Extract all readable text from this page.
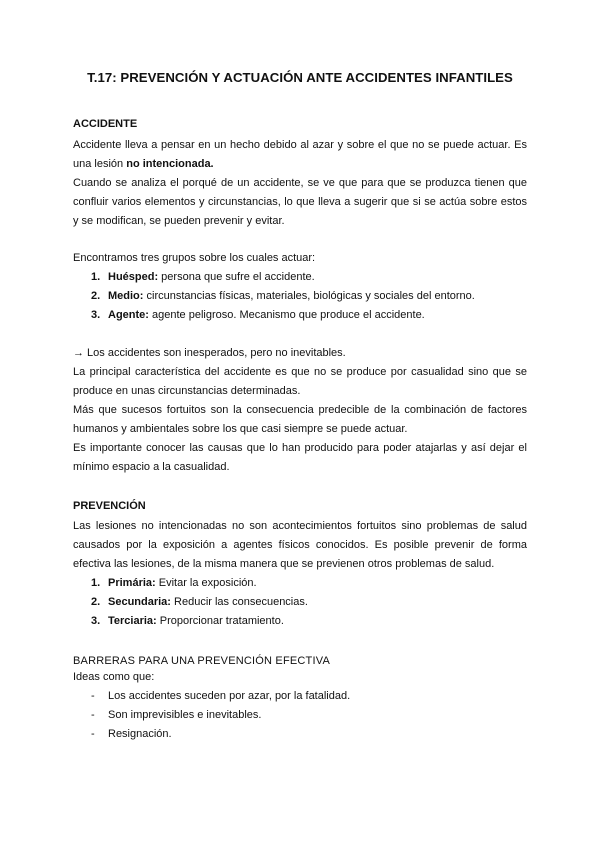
T.17: PREVENCIÓN Y ACTUACIÓN ANTE ACCIDENTES INFANTILES
ACCIDENTE

Accidente lleva a pensar en un hecho debido al azar y sobre el que no se puede actuar. Es una lesión no intencionada.

Cuando se analiza el porqué de un accidente, se ve que para que se produzca tienen que confluir varios elementos y circunstancias, lo que lleva a sugerir que si se actúa sobre estos y se modifican, se pueden prevenir y evitar.

Encontramos tres grupos sobre los cuales actuar:
1. Huésped: persona que sufre el accidente.
2. Medio: circunstancias físicas, materiales, biológicas y sociales del entorno.
3. Agente: agente peligroso. Mecanismo que produce el accidente.

→ Los accidentes son inesperados, pero no inevitables.

La principal característica del accidente es que no se produce por casualidad sino que se produce en unas circunstancias determinadas.

Más que sucesos fortuitos son la consecuencia predecible de la combinación de factores humanos y ambientales sobre los que casi siempre se puede actuar.

Es importante conocer las causas que lo han producido para poder atajarlas y así dejar el mínimo espacio a la casualidad.

PREVENCIÓN
Las lesiones no intencionadas no son acontecimientos fortuitos sino problemas de salud causados por la exposición a agentes físicos conocidos. Es posible prevenir de forma efectiva las lesiones, de la misma manera que se previenen otros problemas de salud.
1. Primária: Evitar la exposición.
2. Secundaria: Reducir las consecuencias.
3. Terciaria: Proporcionar tratamiento.
BARRERAS PARA UNA PREVENCIÓN EFECTIVA
Ideas como que:
- Los accidentes suceden por azar, por la fatalidad.
- Son imprevisibles e inevitables.
- Resignación.
